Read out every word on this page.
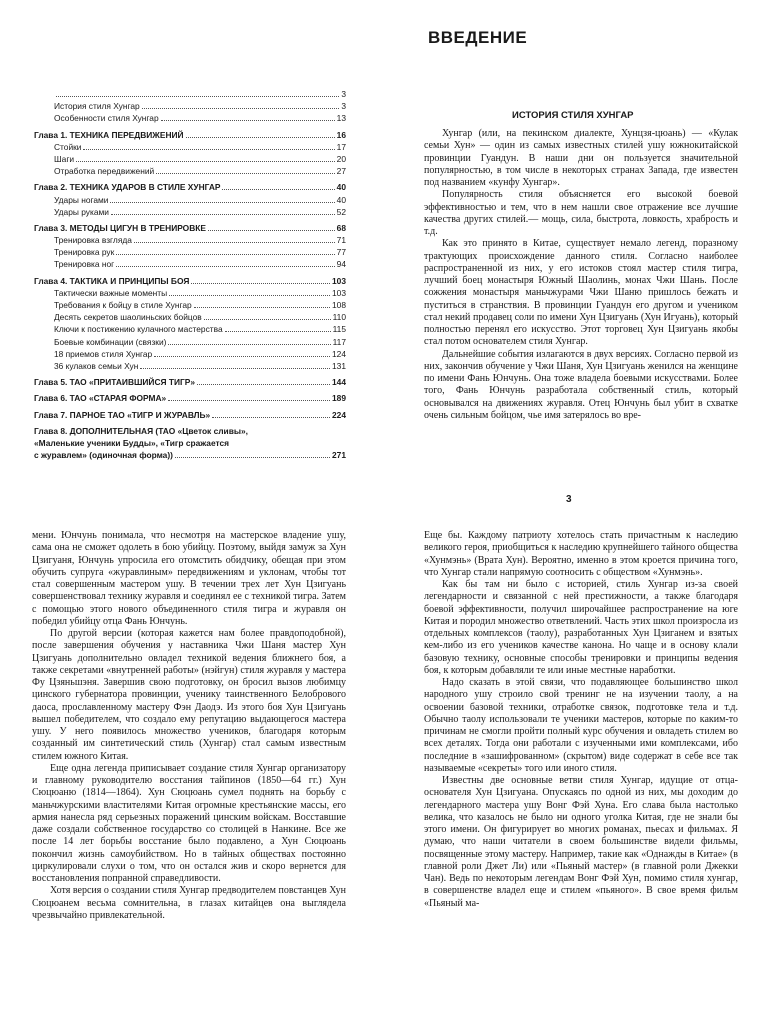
ВВЕДЕНИЕ
3
История стиля Хунгар	3
Особенности стиля Хунгар	13
Глава 1. ТЕХНИКА ПЕРЕДВИЖЕНИЙ	16
Стойки	17
Шаги	20
Отработка передвижений	27
Глава 2. ТЕХНИКА УДАРОВ В СТИЛЕ ХУНГАР	40
Удары ногами	40
Удары руками	52
Глава 3. МЕТОДЫ ЦИГУН В ТРЕНИРОВКЕ	68
Тренировка взгляда	71
Тренировка рук	77
Тренировка ног	94
Глава 4. ТАКТИКА И ПРИНЦИПЫ БОЯ	103
Тактически важные моменты	103
Требования к бойцу в стиле Хунгар	108
Десять секретов шаолиньских бойцов	110
Ключи к постижению кулачного мастерства	115
Боевые комбинации (связки)	117
18 приемов стиля Хунгар	124
36 кулаков семьи Хун	131
Глава 5. ТАО «ПРИТАИВШИЙСЯ ТИГР»	144
Глава 6. ТАО «СТАРАЯ ФОРМА»	189
Глава 7. ПАРНОЕ ТАО «ТИГР И ЖУРАВЛЬ»	224
Глава 8. ДОПОЛНИТЕЛЬНАЯ (ТАО «Цветок сливы»,
«Маленькие ученики Будды», «Тигр сражается
с журавлем» (одиночная форма))	271
ИСТОРИЯ СТИЛЯ ХУНГАР

Хунгар (или, на пекинском диалекте, Хунцзя-цюань) — «Кулак семьи Хун» — один из самых известных стилей ушу южнокитайской провинции Гуандун. В наши дни он пользуется значительной популярностью, в том числе в некоторых странах Запада, где известен под названием «кунфу Хунгар».

Популярность стиля объясняется его высокой боевой эффективностью и тем, что в нем нашли свое отражение все лучшие качества других стилей.— мощь, сила, быстрота, ловкость, храбрость и т.д.

Как это принято в Китае, существует немало легенд, поразному трактующих происхождение данного стиля. Согласно наиболее распространенной из них, у его истоков стоял мастер стиля тигра, лучший боец монастыря Южный Шаолинь, монах Чжи Шань. После сожжения монастыря маньчжурами Чжи Шаню пришлось бежать и пуститься в странствия. В провинции Гуандун его другом и учеником стал некий продавец соли по имени Хун Цзигуань (Хун Игуань), который полностью перенял его искусство. Этот торговец Хун Цзигуань якобы стал потом основателем стиля Хунгар.

Дальнейшие события излагаются в двух версиях. Согласно первой из них, закончив обучение у Чжи Шаня, Хун Цзигуань женился на женщине по имени Фань Юнчунь. Она тоже владела боевыми искусствами. Более того, Фань Юнчунь разработала собственный стиль, который основывался на движениях журавля. Отец Юнчунь был убит в схватке очень сильным бойцом, чье имя затерялось во вре-

3

мени. Юнчунь понимала, что несмотря на мастерское владение ушу, сама она не сможет одолеть в бою убийцу. Поэтому, выйдя замуж за Хун Цзигуаня, Юнчунь упросила его отомстить обидчику, обещая при этом обучить супруга «журавлиным» передвижениям и уклонам, чтобы тот стал совершенным мастером ушу. В течении трех лет Хун Цзигуань совершенствовал технику журавля и соединял ее с техникой тигра. Затем с помощью этого нового объединенного стиля тигра и журавля он победил убийцу отца Фань Юнчунь.

По другой версии (которая кажется нам более правдоподобной), после завершения обучения у наставника Чжи Шаня мастер Хун Цзигуань дополнительно овладел техникой ведения ближнего боя, а также секретами «внутренней работы» (нэйгун) стиля журавля у мастера Фу Цзяньшэня. Завершив свою подготовку, он бросил вызов любимцу цинского губернатора провинции, ученику таинственного Белобрового даоса, прославленному мастеру Фэн Даодэ. Из этого боя Хун Цзигуань вышел победителем, что создало ему репутацию выдающегося мастера ушу. У него появилось множество учеников, благодаря которым созданный им синтетический стиль (Хунгар) стал самым известным стилем южного Китая.

Еще одна легенда приписывает создание стиля Хунгар организатору и главному руководителю восстания тайпинов (1850—64 гг.) Хун Сюцюаню (1814—1864). Хун Сюцюань сумел поднять на борьбу с маньчжурскими властителями Китая огромные крестьянские массы, его армия нанесла ряд серьезных поражений цинским войскам. Восставшие даже создали собственное государство со столицей в Нанкине. Все же после 14 лет борьбы восстание было подавлено, а Хун Сюцюань покончил жизнь самоубийством. Но в тайных обществах постоянно циркулировали слухи о том, что он остался жив и скоро вернется для восстановления попранной справедливости.

Хотя версия о создании стиля Хунгар предводителем повстанцев Хун Сюцюанем весьма сомнительна, в глазах китайцев она выглядела чрезвычайно привлекательной.

Еще бы. Каждому патриоту хотелось стать причастным к наследию великого героя, приобщиться к наследию крупнейшего тайного общества «Хунмэнь» (Врата Хун). Вероятно, именно в этом кроется причина того, что Хунгар стали напрямую соотносить с обществом «Хунмэнь».

Как бы там ни было с историей, стиль Хунгар из-за своей легендарности и связанной с ней престижности, а также благодаря боевой эффективности, получил широчайшее распространение на юге Китая и породил множество ответвлений. Часть этих школ произросла из отдельных комплексов (таолу), разработанных Хун Цзиганем и взятых кем-либо из его учеников качестве канона. Но чаще и в основу клали базовую технику, основные способы тренировки и принципы ведения боя, к которым добавляли те или иные местные наработки.

Надо сказать в этой связи, что подавляющее большинство школ народного ушу строило свой тренинг не на изучении таолу, а на освоении базовой техники, отработке связок, подготовке тела и т.д. Обычно таолу использовали те ученики мастеров, которые по каким-то причинам не смогли пройти полный курс обучения и овладеть стилем во всех деталях. Тогда они работали с изученными ими комплексами, ибо последние в «зашифрованном» (скрытом) виде содержат в себе все так называемые «секреты» того или иного стиля.

Известны две основные ветви стиля Хунгар, идущие от отца-основателя Хун Цзигуана. Опускаясь по одной из них, мы доходим до легендарного мастера ушу Вонг Фэй Хуна. Его слава была настолько велика, что казалось не было ни одного уголка Китая, где не знали бы этого имени. Он фигурирует во многих романах, пьесах и фильмах. Я думаю, что наши читатели в своем большинстве видели фильмы, посвященные этому мастеру. Например, такие как «Однажды в Китае» (в главной роли Джет Ли) или «Пьяный мастер» (в главной роли Джекки Чан). Ведь по некоторым легендам Вонг Фэй Хун, помимо стиля хунгар, в совершенстве владел еще и стилем «пьяного». В свое время фильм «Пьяный ма-
